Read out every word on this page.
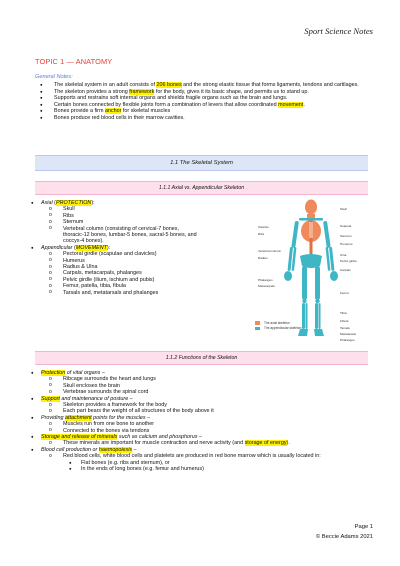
Sport Science Notes
TOPIC 1 — ANATOMY
General Notes:
● The skeletal system in an adult consists of 206 bones and the strong elastic tissue that forms ligaments, tendons and cartilages.
● The skeleton provides a strong framework for the body, gives it its basic shape, and permits us to stand up.
● Supports and restrains soft internal organs and shields fragile organs such as the brain and lungs.
● Certain bones connected by flexible joints form a combination of levers that allow coordinated movement.
● Bones provide a firm anchor for skeletal muscles
● Bones produce red blood cells in their marrow cavities.
1.1 The Skeletal System
1.1.1 Axial vs. Appendicular Skeleton
● Axial (PROTECTION):
o Skull
o Ribs
o Sternum
o Vertebral column (consisting of cervical-7 bones, thoracic-12 bones, lumbar-5 bones, sacral-5 bones, and coccyx-4 bones).
● Appendicular (MOVEMENT):
o Pectoral girdle (scapulae and clavicles)
o Humerus
o Radius & Ulna
o Carpals, metacarpals, phalanges
o Pelvic girdle (ilium, ischium and pubis)
o Femur, patella, tibia, fibula
o Tarsals and, metatarsals and phalanges
Clavicle
Ribs
Vertebral column
Radius
Phalanges
Metacarpals
Skull
Scapula
Sternum
Humerus
Ulna
Pelvic girdle
Carpals
Femur
Tibia
Fibula
Tarsals
Metatarsals
Phalanges
The axial skeleton
The appendicular skeleton
1.1.2 Functions of the Skeleton
● Protection of vital organs –
o Ribcage surrounds the heart and lungs
o Skull encloses the brain
o Vertebrae surrounds the spinal cord
● Support and maintenance of posture –
o Skeleton provides a framework for the body
o Each part bears the weight of all structures of the body above it
● Providing attachment points for the muscles –
o Muscles run from one bone to another
o Connected to the bones via tendons
● Storage and release of minerals such as calcium and phosphorus –
o These minerals are important for muscle contraction and nerve activity (and storage of energy).
● Blood cell production or haemopoiesis –
o Red blood cells, white blood cells and platelets are produced in red bone marrow which is usually located in:
● Flat bones (e.g. ribs and sternum), or
● In the ends of long bones (e.g. femur and humerus)
Page 1
© Beccie Adams 2021
